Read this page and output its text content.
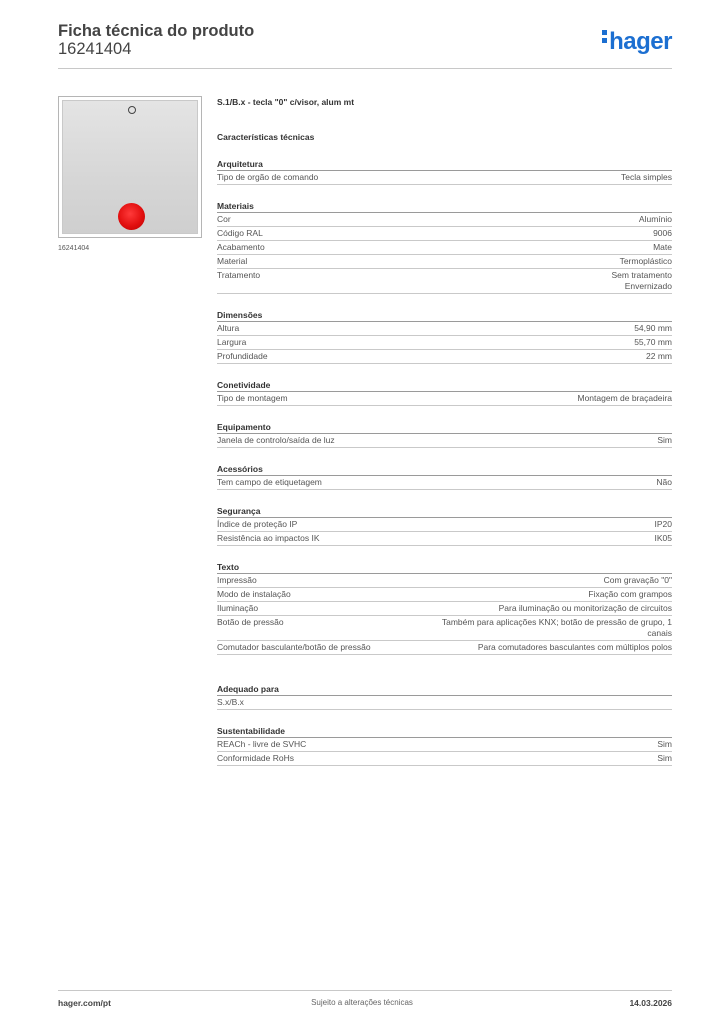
Ficha técnica do produto
16241404	hager
16241404
S.1/B.x - tecla "0" c/visor, alum mt
Características técnicas
Arquitetura
Tipo de orgão de comando	Tecla simples
Materiais
Cor	Alumínio
Código RAL	9006
Acabamento	Mate
Material	Termoplástico
Tratamento	Sem tratamento
Envernizado
Dimensões
Altura	54,90 mm
Largura	55,70 mm
Profundidade	22 mm
Conetividade
Tipo de montagem	Montagem de braçadeira
Equipamento
Janela de controlo/saída de luz	Sim
Acessórios
Tem campo de etiquetagem	Não
Segurança
Índice de proteção IP	IP20
Resistência ao impactos IK	IK05
Texto
Impressão	Com gravação "0"
Modo de instalação	Fixação com grampos
Iluminação	Para iluminação ou monitorização de circuitos
Botão de pressão	Também para aplicações KNX; botão de pressão de grupo, 1
canais
Comutador basculante/botão de pressão	Para comutadores basculantes com múltiplos polos
Adequado para
S.x/B.x
Sustentabilidade
REACh - livre de SVHC	Sim
Conformidade RoHs	Sim
hager.com/pt	Sujeito a alterações técnicas	14.03.2026
